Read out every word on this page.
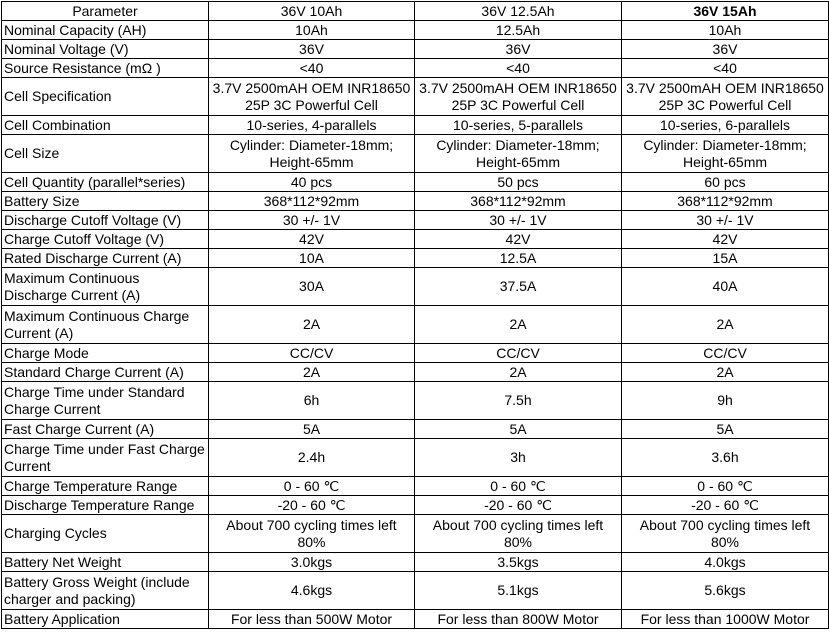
Parameter	36V 10Ah	36V 12.5Ah	36V 15Ah
Nominal Capacity (AH)	10Ah	12.5Ah	10Ah
Nominal Voltage (V)	36V	36V	36V
Source Resistance (mΩ )	<40	<40	<40
Cell Specification	3.7V 2500mAH OEM INR18650 25P 3C Powerful Cell	3.7V 2500mAH OEM INR18650 25P 3C Powerful Cell	3.7V 2500mAH OEM INR18650 25P 3C Powerful Cell
Cell Combination	10-series, 4-parallels	10-series, 5-parallels	10-series, 6-parallels
Cell Size	Cylinder: Diameter-18mm; Height-65mm	Cylinder: Diameter-18mm; Height-65mm	Cylinder: Diameter-18mm; Height-65mm
Cell Quantity (parallel*series)	40 pcs	50 pcs	60 pcs
Battery Size	368*112*92mm	368*112*92mm	368*112*92mm
Discharge Cutoff Voltage (V)	30 +/- 1V	30 +/- 1V	30 +/- 1V
Charge Cutoff Voltage (V)	42V	42V	42V
Rated Discharge Current (A)	10A	12.5A	15A
Maximum Continuous Discharge Current (A)	30A	37.5A	40A
Maximum Continuous Charge Current (A)	2A	2A	2A
Charge Mode	CC/CV	CC/CV	CC/CV
Standard Charge Current (A)	2A	2A	2A
Charge Time under Standard Charge Current	6h	7.5h	9h
Fast Charge Current (A)	5A	5A	5A
Charge Time under Fast Charge Current	2.4h	3h	3.6h
Charge Temperature Range	0 - 60 ℃	0 - 60 ℃	0 - 60 ℃
Discharge Temperature Range	-20 - 60 ℃	-20 - 60 ℃	-20 - 60 ℃
Charging Cycles	About 700 cycling times left 80%	About 700 cycling times left 80%	About 700 cycling times left 80%
Battery Net Weight	3.0kgs	3.5kgs	4.0kgs
Battery Gross Weight (include charger and packing)	4.6kgs	5.1kgs	5.6kgs
Battery Application	For less than 500W Motor	For less than 800W Motor	For less than 1000W Motor
